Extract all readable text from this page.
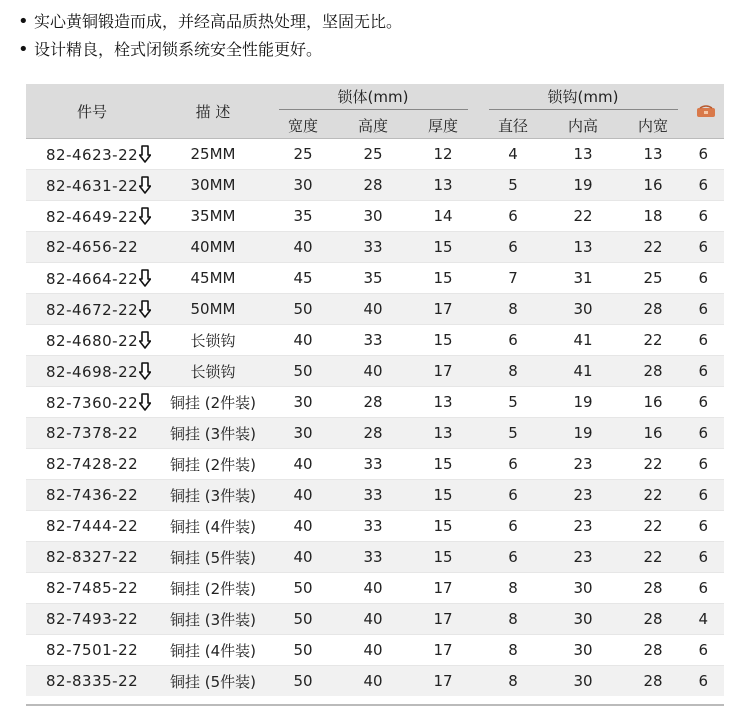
• 实心黄铜锻造而成，并经高品质热处理，坚固无比。
• 设计精良，栓式闭锁系统安全性能更好。
件号	描 述	锁体(mm)			锁钩(mm)	
		宽度	高度	厚度	直径	内高	内宽	
82-4623-22	25MM	25	25	12	4	13	13	6
82-4631-22	30MM	30	28	13	5	19	16	6
82-4649-22	35MM	35	30	14	6	22	18	6
82-4656-22	40MM	40	33	15	6	13	22	6
82-4664-22	45MM	45	35	15	7	31	25	6
82-4672-22	50MM	50	40	17	8	30	28	6
82-4680-22	长锁钩	40	33	15	6	41	22	6
82-4698-22	长锁钩	50	40	17	8	41	28	6
82-7360-22	铜挂 (2件装)	30	28	13	5	19	16	6
82-7378-22	铜挂 (3件装)	30	28	13	5	19	16	6
82-7428-22	铜挂 (2件装)	40	33	15	6	23	22	6
82-7436-22	铜挂 (3件装)	40	33	15	6	23	22	6
82-7444-22	铜挂 (4件装)	40	33	15	6	23	22	6
82-8327-22	铜挂 (5件装)	40	33	15	6	23	22	6
82-7485-22	铜挂 (2件装)	50	40	17	8	30	28	6
82-7493-22	铜挂 (3件装)	50	40	17	8	30	28	4
82-7501-22	铜挂 (4件装)	50	40	17	8	30	28	6
82-8335-22	铜挂 (5件装)	50	40	17	8	30	28	6
